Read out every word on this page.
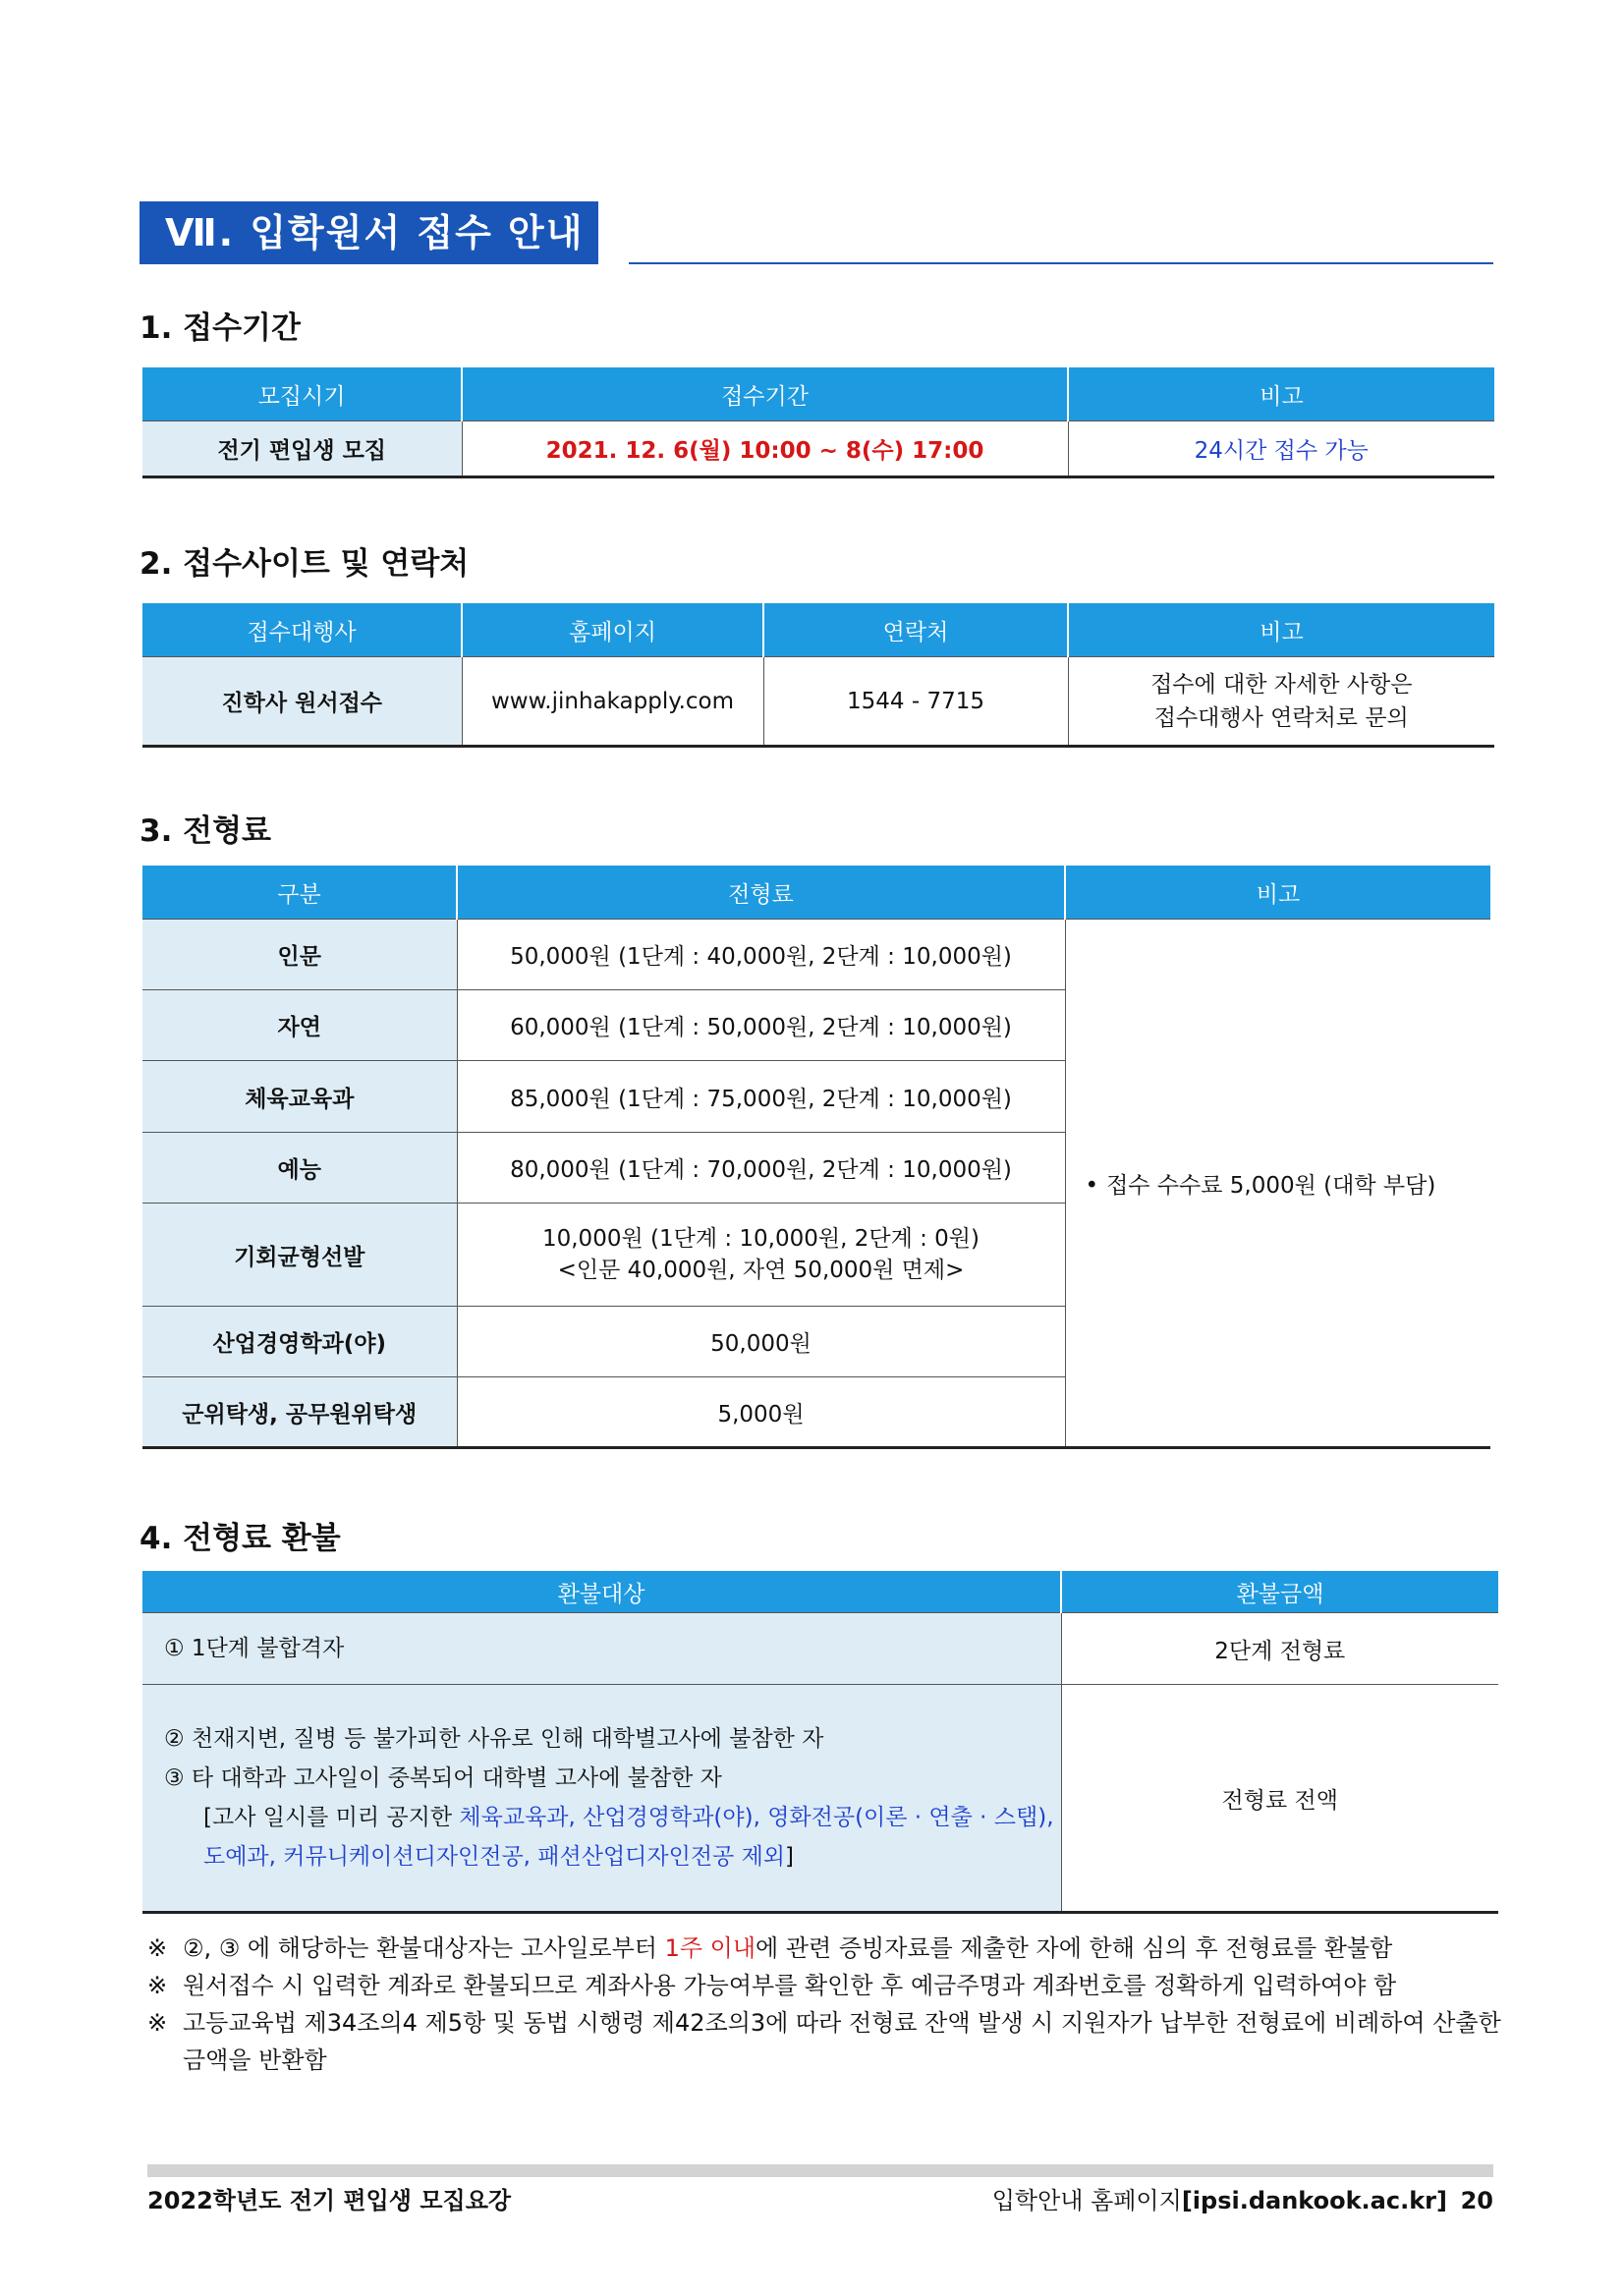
Ⅶ. 입학원서 접수 안내
1. 접수기간
모집시기	접수기간	비고
전기 편입생 모집	2021. 12. 6(월) 10:00 ~ 8(수) 17:00	24시간 접수 가능
2. 접수사이트 및 연락처
접수대행사	홈페이지	연락처	비고
진학사 원서접수	www.jinhakapply.com	1544 - 7715	접수에 대한 자세한 사항은
접수대행사 연락처로 문의
3. 전형료
구분	전형료	비고
인문	50,000원 (1단계 : 40,000원, 2단계 : 10,000원)	• 접수 수수료 5,000원 (대학 부담)
자연	60,000원 (1단계 : 50,000원, 2단계 : 10,000원)	
체육교육과	85,000원 (1단계 : 75,000원, 2단계 : 10,000원)	
예능	80,000원 (1단계 : 70,000원, 2단계 : 10,000원)	
기회균형선발	10,000원 (1단계 : 10,000원, 2단계 : 0원)
<인문 40,000원, 자연 50,000원 면제>	

산업경영학과(야)	50,000원	
군위탁생, 공무원위탁생	5,000원	
4. 전형료 환불
환불대상	환불금액
① 1단계 불합격자	2단계 전형료

② 천재지변, 질병 등 불가피한 사유로 인해 대학별고사에 불참한 자
③ 타 대학과 고사일이 중복되어 대학별 고사에 불참한 자
[고사 일시를 미리 공지한 체육교육과, 산업경영학과(야), 영화전공(이론 · 연출 · 스탭),
도예과, 커뮤니케이션디자인전공, 패션산업디자인전공 제외]	전형료 전액
※ ②, ③ 에 해당하는 환불대상자는 고사일로부터 1주 이내에 관련 증빙자료를 제출한 자에 한해 심의 후 전형료를 환불함
※ 원서접수 시 입력한 계좌로 환불되므로 계좌사용 가능여부를 확인한 후 예금주명과 계좌번호를 정확하게 입력하여야 함
※ 고등교육법 제34조의4 제5항 및 동법 시행령 제42조의3에 따라 전형료 잔액 발생 시 지원자가 납부한 전형료에 비례하여 산출한
금액을 반환함
2022학년도 전기 편입생 모집요강	입학안내 홈페이지[ipsi.dankook.ac.kr] 20
